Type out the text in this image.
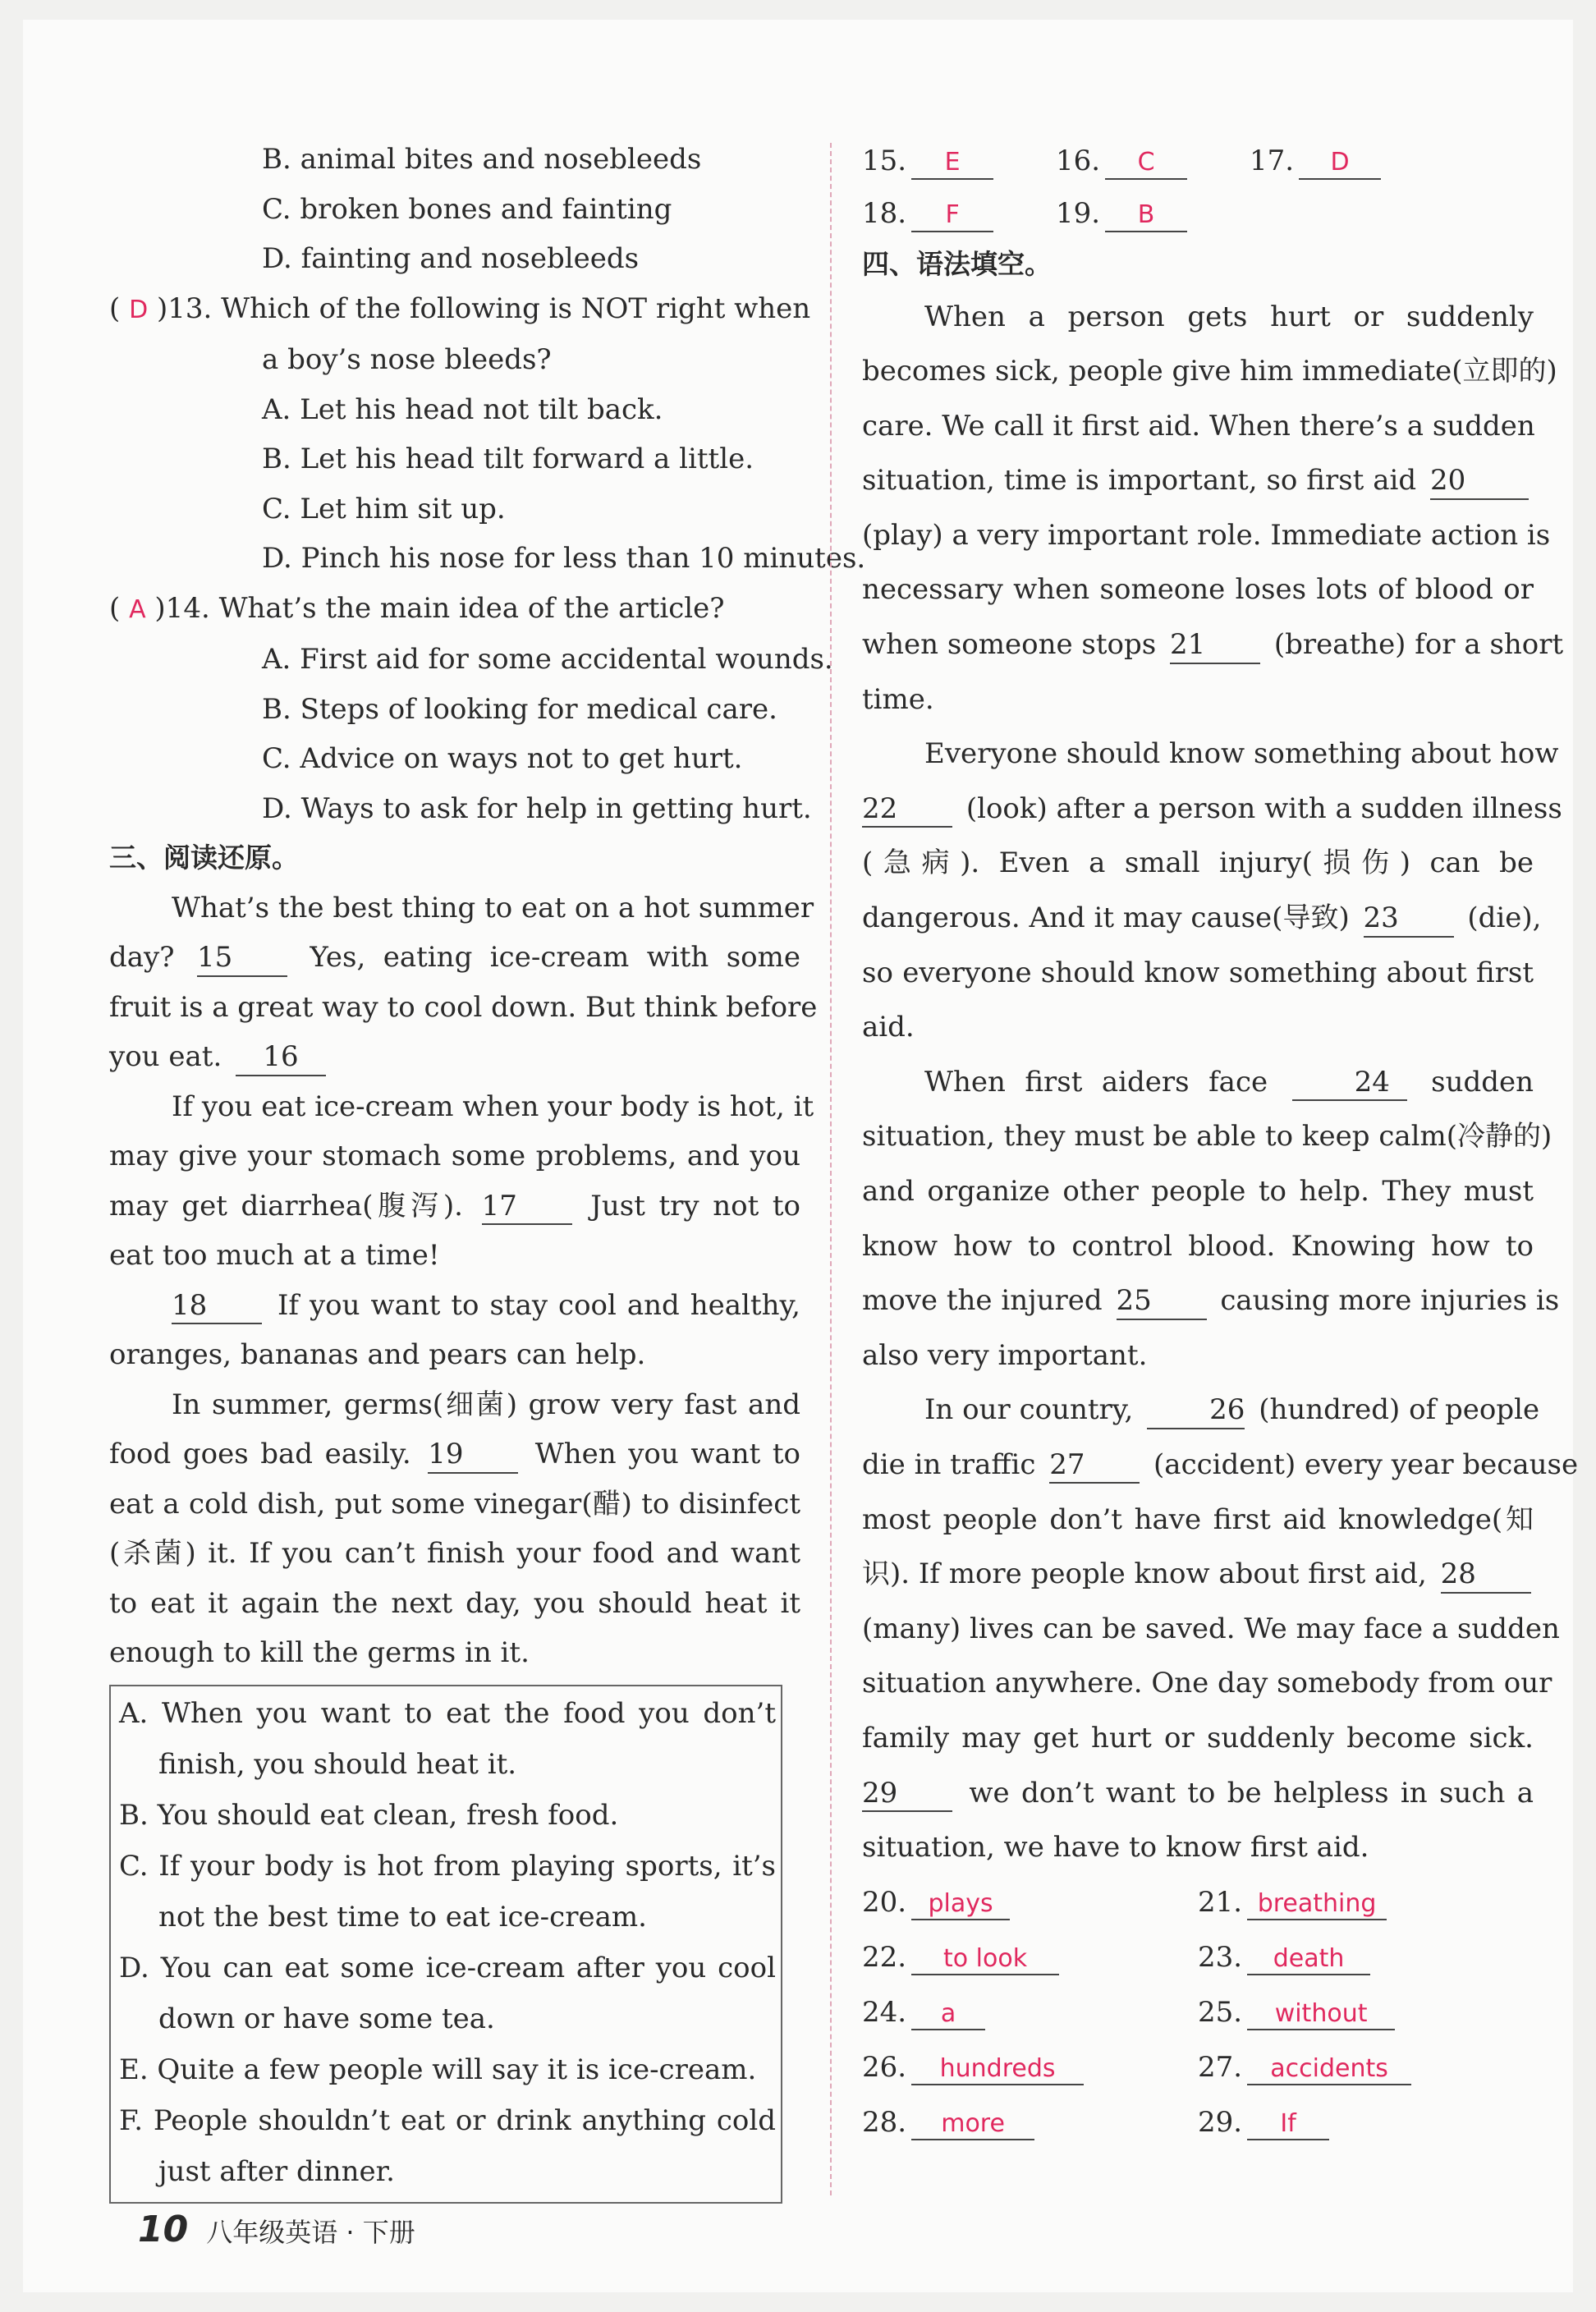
B. animal bites and nosebleeds
C. broken bones and fainting
D. fainting and nosebleeds
( D )13. Which of the following is NOT right when
a boy’s nose bleeds?
A. Let his head not tilt back.
B. Let his head tilt forward a little.
C. Let him sit up.
D. Pinch his nose for less than 10 minutes.
( A )14. What’s the main idea of the article?
A. First aid for some accidental wounds.
B. Steps of looking for medical care.
C. Advice on ways not to get hurt.
D. Ways to ask for help in getting hurt.
三、阅读还原。
What’s the best thing to eat on a hot summer
day? 15	Yes, eating ice-cream with some
fruit is a great way to cool down. But think before
you eat. 16
If you eat ice-cream when your body is hot, it
may give your stomach some problems, and you
may get diarrhea(腹泻). 17	Just try not to
eat too much at a time!
18	If you want to stay cool and healthy,
oranges, bananas and pears can help.
In summer, germs(细菌) grow very fast and
food goes bad easily. 19	When you want to
eat a cold dish, put some vinegar(醋) to disinfect
(杀菌) it. If you can’t finish your food and want
to eat it again the next day, you should heat it
enough to kill the germs in it.
A. When you want to eat the food you don’t
finish, you should heat it.
B. You should eat clean, fresh food.
C. If your body is hot from playing sports, it’s
not the best time to eat ice-cream.
D. You can eat some ice-cream after you cool
down or have some tea.
E. Quite a few people will say it is ice-cream.
F. People shouldn’t eat or drink anything cold
just after dinner.
15. E	16. C	17. D
18. F	19. B
四、语法填空。
When a person gets hurt or suddenly
becomes sick, people give him immediate(立即的)
care. We call it first aid. When there’s a sudden
situation, time is important, so first aid 20
(play) a very important role. Immediate action is
necessary when someone loses lots of blood or
when someone stops 21 (breathe) for a short
time.
Everyone should know something about how
22 (look) after a person with a sudden illness
(急病). Even a small injury(损伤) can be
dangerous. And it may cause(导致) 23 (die),
so everyone should know something about first
aid.
When first aiders face	24 sudden
situation, they must be able to keep calm(冷静的)
and organize other people to help. They must
know how to control blood. Knowing how to
move the injured 25 causing more injuries is
also very important.
In our country,	26 (hundred) of people
die in traffic 27 (accident) every year because
most people don’t have first aid knowledge(知
识). If more people know about first aid, 28
(many) lives can be saved. We may face a sudden
situation anywhere. One day somebody from our
family may get hurt or suddenly become sick.
29	we don’t want to be helpless in such a
situation, we have to know first aid.
20. plays	21. breathing
22. to look	23. death
24. a	25. without
26. hundreds	27. accidents
28. more	29. If
10 八年级英语 · 下册
